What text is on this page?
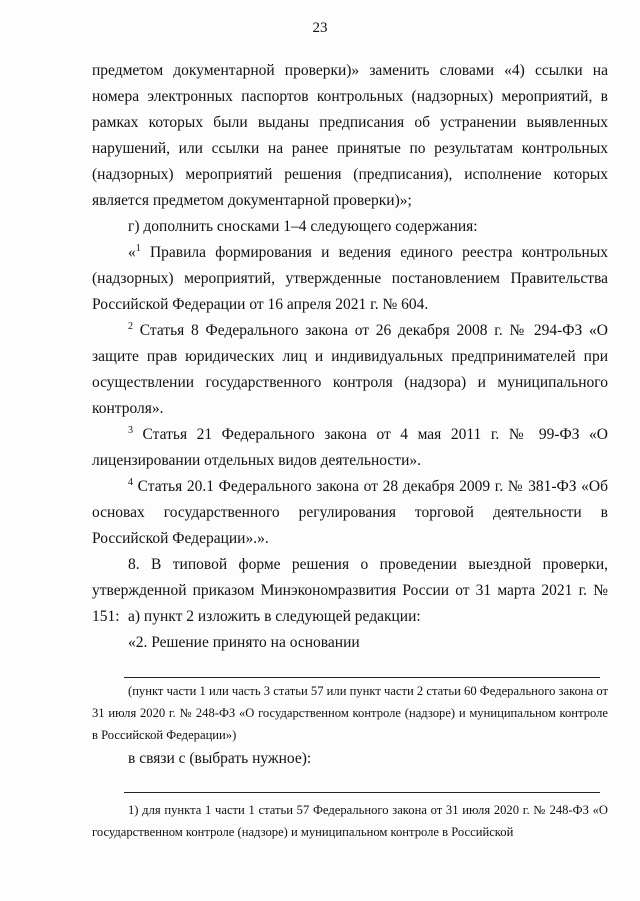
23
предметом документарной проверки)» заменить словами «4) ссылки на номера электронных паспортов контрольных (надзорных) мероприятий, в рамках которых были выданы предписания об устранении выявленных нарушений, или ссылки на ранее принятые по результатам контрольных (надзорных) мероприятий решения (предписания), исполнение которых является предметом документарной проверки)»;
г) дополнить сносками 1–4 следующего содержания:
«$^1$ Правила формирования и ведения единого реестра контрольных (надзорных) мероприятий, утвержденные постановлением Правительства Российской Федерации от 16 апреля 2021 г. № 604.
$^2$ Статья 8 Федерального закона от 26 декабря 2008 г. № 294-ФЗ «О защите прав юридических лиц и индивидуальных предпринимателей при осуществлении государственного контроля (надзора) и муниципального контроля».
$^3$ Статья 21 Федерального закона от 4 мая 2011 г. № 99-ФЗ «О лицензировании отдельных видов деятельности».
$^4$ Статья 20.1 Федерального закона от 28 декабря 2009 г. № 381-ФЗ «Об основах государственного регулирования торговой деятельности в Российской Федерации».».
8. В типовой форме решения о проведении выездной проверки, утвержденной приказом Минэкономразвития России от 31 марта 2021 г. № 151: а) пункт 2 изложить в следующей редакции:
«2. Решение принято на основании
(пункт части 1 или часть 3 статьи 57 или пункт части 2 статьи 60 Федерального закона от 31 июля 2020 г. № 248-ФЗ «О государственном контроле (надзоре) и муниципальном контроле в Российской Федерации»)
в связи с (выбрать нужное):
1) для пункта 1 части 1 статьи 57 Федерального закона от 31 июля 2020 г. № 248-ФЗ «О государственном контроле (надзоре) и муниципальном контроле в Российской
